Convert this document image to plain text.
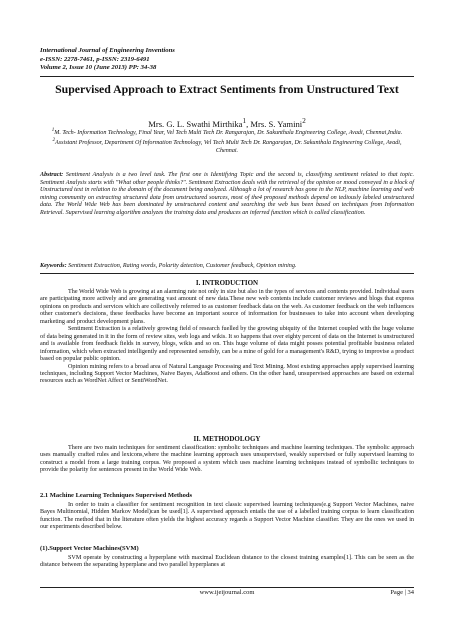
International Journal of Engineering Inventions
e-ISSN: 2278-7461, p-ISSN: 2319-6491
Volume 2, Issue 10 (June 2013) PP: 34-38
Supervised Approach to Extract Sentiments from Unstructured Text
Mrs. G. L. Swathi Mirthika$^1$, Mrs. S. Yamini$^2$
$^1$M. Tech- Information Technology, Final Year, Vel Tech Multi Tech Dr. Rangarajan, Dr. Sakunthala Engineering College, Avadi, Chennai,India.
$^2$Assistant Professor, Department Of Information Technology, Vel Tech Multi Tech Dr. Rangarajan, Dr. Sakunthala Engineering College, Avadi, Chennai.
Abstract: Sentiment Analysis is a two level task. The first one is Identifying Topic and the second is, classifying sentiment related to that topic. Sentiment Analysis starts with "What other people thinks?". Sentiment Extraction deals with the retrieval of the opinion or mood conveyed in a block of Unstructured text in relation to the domain of the document being analyzed. Although a lot of research has gone in the NLP, machine learning and web mining community on extracting structured data from unstructured sources, most of the4 proposed methods depend on tediously labeled unstructured data. The World Wide Web has been dominated by unstructured content and searching the web has been based on techniques from Information Retrieval. Supervised learning algorithm analyzes the training data and produces an inferred function which is called classification.
Keywords: Sentiment Extraction, Rating words, Polarity detection, Customer feedback, Opinion mining.
I. INTRODUCTION

The World Wide Web is growing at an alarming rate not only in size but also in the types of services and contents provided. Individual users are participating more actively and are generating vast amount of new data.These new web contents include customer reviews and blogs that express opinions on products and services which are collectively referred to as customer feedback data on the web. As customer feedback on the web influences other customer's decisions, these feedbacks have become an important source of information for businesses to take into account when developing marketing and product development plans.

Sentiment Extraction is a relatively growing field of research fuelled by the growing ubiquity of the Internet coupled with the huge volume of data being generated in it in the form of review sites, web logs and wikis. It so happens that over eighty percent of data on the Internet is unstructured and is available from feedback fields in survey, blogs, wikis and so on. This huge volume of data might posses potential profitable business related information, which when extracted intelligently and represented sensibly, can be a mine of gold for a management's R&D, trying to improvise a product based on popular public opinion.

Opinion mining refers to a broad area of Natural Language Processing and Text Mining. Most existing approaches apply supervised learning techniques, including Support Vector Machines, Naive Bayes, AdaBoost and others. On the other hand, unsupervised approaches are based on external resources such as WordNet Affect or SentiWordNet.

II. METHODOLOGY

There are two main techniques for sentiment classification: symbolic techniques and machine learning techniques. The symbolic approach uses manually crafted rules and lexicons,where the machine learning approach uses unsupervised, weakly supervised or fully supervised learning to construct a model from a large training corpus. We proposed a system which uses machine learning techniques instead of symbollic techniques to provide the polarity for sentences present in the World Wide Web.

2.1 Machine Learning Techniques Supervised Methods

In order to train a classifier for sentiment recognition in text classic supervised learning techniques(e.g Support Vector Machines, naive Bayes Multinomial, Hidden Markov Model)can be used[1]. A supervised approach entails the use of a labelled training corpus to learn classification function. The method that in the literature often yields the highest accuracy regards a Support Vector Machine classifier. They are the ones we used in our experiments described below.

(1).Support Vector Machines(SVM)

SVM operate by constructing a hyperplane with maximal Euclidean distance to the closest training examples[1]. This can be seen as the distance between the separating hyperplane and two parallel hyperplanes at

www.ijeijournal.com	Page | 34
